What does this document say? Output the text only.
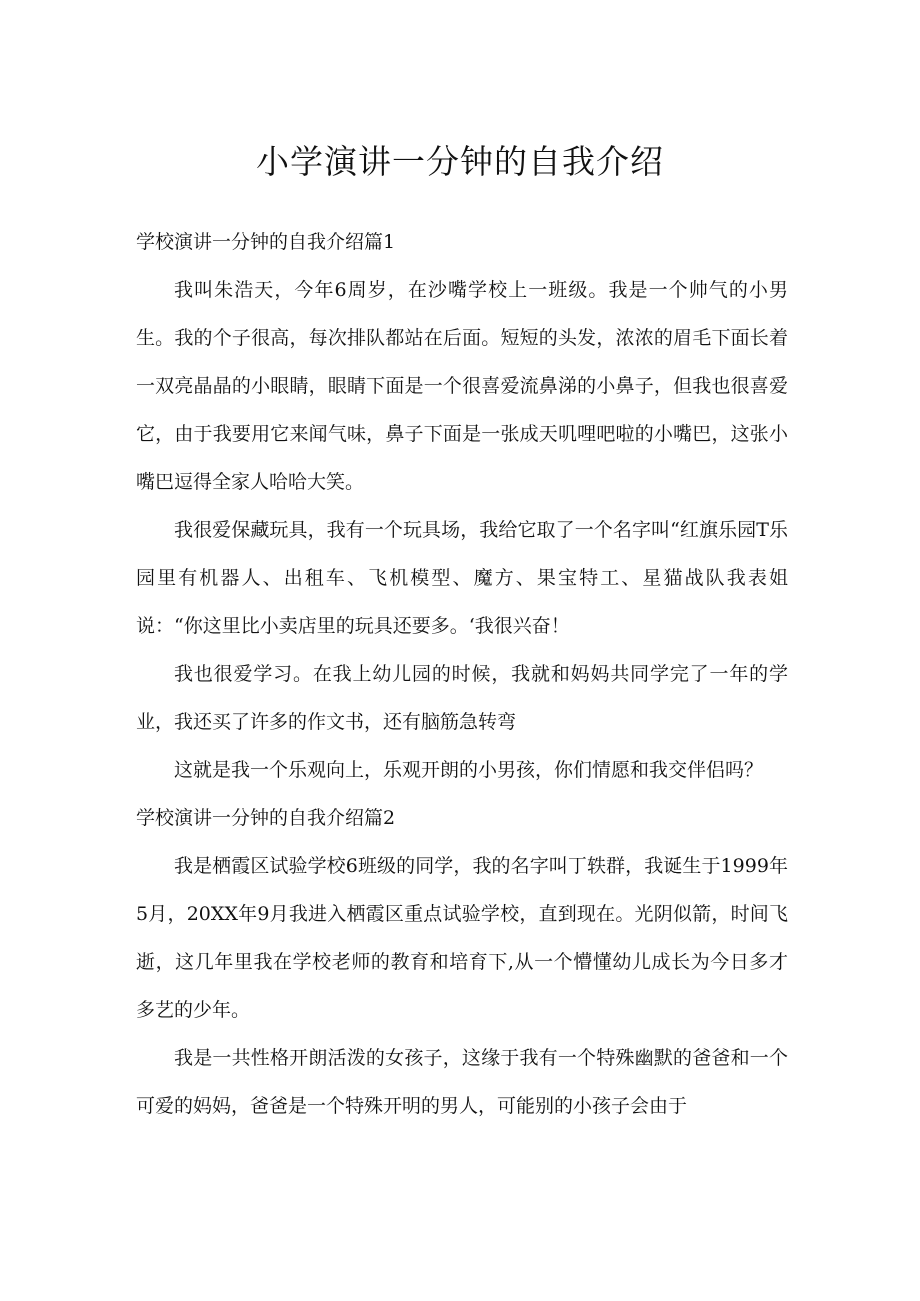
小学演讲一分钟的自我介绍

学校演讲一分钟的自我介绍篇1

我叫朱浩天，今年6周岁，在沙嘴学校上一班级。我是一个帅气的小男生。我的个子很高，每次排队都站在后面。短短的头发，浓浓的眉毛下面长着一双亮晶晶的小眼睛，眼睛下面是一个很喜爱流鼻涕的小鼻子，但我也很喜爱它，由于我要用它来闻气味，鼻子下面是一张成天叽哩吧啦的小嘴巴，这张小嘴巴逗得全家人哈哈大笑。

我很爱保藏玩具，我有一个玩具场，我给它取了一个名字叫“红旗乐园T乐园里有机器人、出租车、飞机模型、魔方、果宝特工、星猫战队我表姐说：“你这里比小卖店里的玩具还要多。‘我很兴奋！

我也很爱学习。在我上幼儿园的时候，我就和妈妈共同学完了一年的学业，我还买了许多的作文书，还有脑筋急转弯

这就是我一个乐观向上，乐观开朗的小男孩，你们情愿和我交伴侣吗？

学校演讲一分钟的自我介绍篇2

我是栖霞区试验学校6班级的同学，我的名字叫丁轶群，我诞生于1999年5月，20XX年9月我进入栖霞区重点试验学校，直到现在。光阴似箭，时间飞逝，这几年里我在学校老师的教育和培育下,从一个懵懂幼儿成长为今日多才多艺的少年。

我是一共性格开朗活泼的女孩子，这缘于我有一个特殊幽默的爸爸和一个可爱的妈妈，爸爸是一个特殊开明的男人，可能别的小孩子会由于
